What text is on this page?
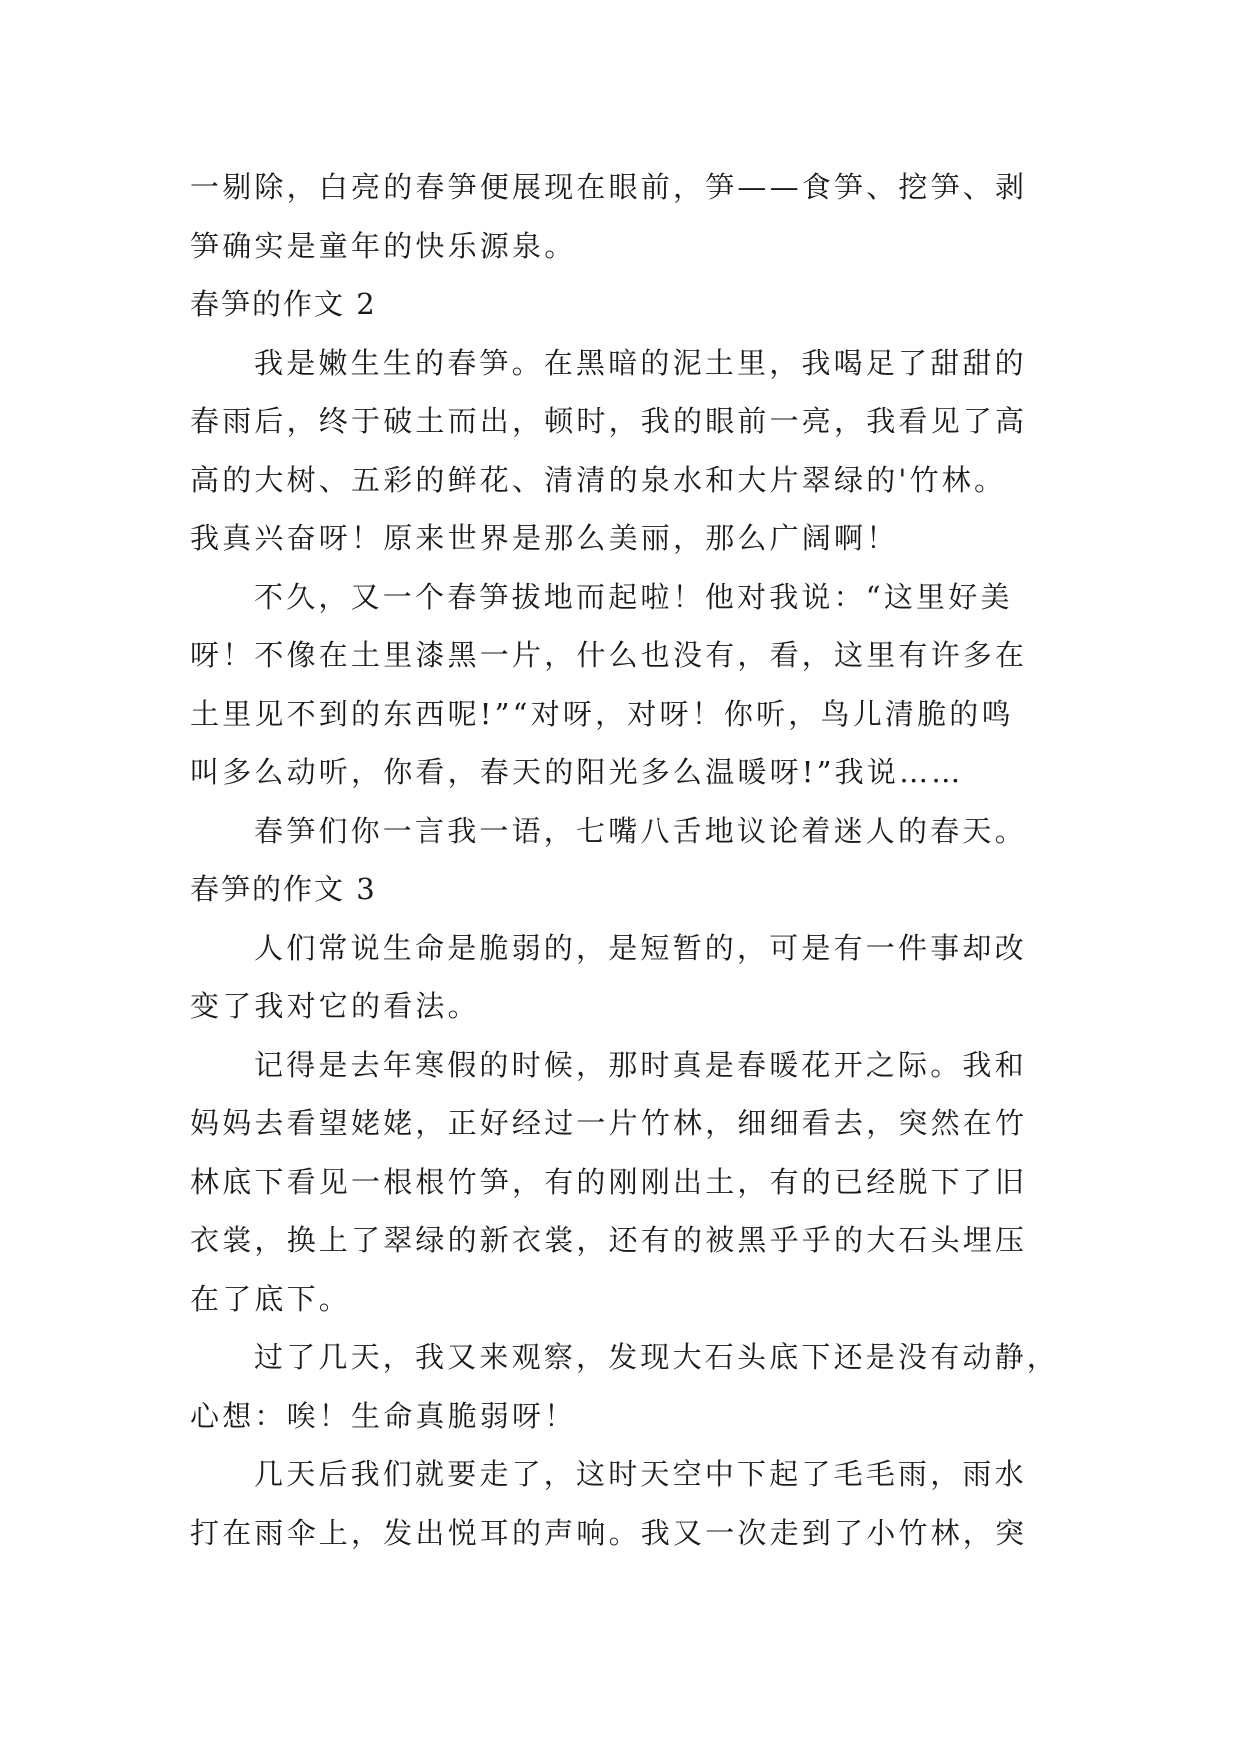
一剔除，白亮的春笋便展现在眼前，笋——食笋、挖笋、剥
笋确实是童年的快乐源泉。
春笋的作文 2
我是嫩生生的春笋。在黑暗的泥土里，我喝足了甜甜的
春雨后，终于破土而出，顿时，我的眼前一亮，我看见了高
高的大树、五彩的鲜花、清清的泉水和大片翠绿的'竹林。
我真兴奋呀！原来世界是那么美丽，那么广阔啊！
不久，又一个春笋拔地而起啦！他对我说：“这里好美
呀！不像在土里漆黑一片，什么也没有，看，这里有许多在
土里见不到的东西呢!”“对呀，对呀！你听，鸟儿清脆的鸣
叫多么动听，你看，春天的阳光多么温暖呀!”我说……
春笋们你一言我一语，七嘴八舌地议论着迷人的春天。
春笋的作文 3
人们常说生命是脆弱的，是短暂的，可是有一件事却改
变了我对它的看法。
记得是去年寒假的时候，那时真是春暖花开之际。我和
妈妈去看望姥姥，正好经过一片竹林，细细看去，突然在竹
林底下看见一根根竹笋，有的刚刚出土，有的已经脱下了旧
衣裳，换上了翠绿的新衣裳，还有的被黑乎乎的大石头埋压
在了底下。
过了几天，我又来观察，发现大石头底下还是没有动静，
心想：唉！生命真脆弱呀！
几天后我们就要走了，这时天空中下起了毛毛雨，雨水
打在雨伞上，发出悦耳的声响。我又一次走到了小竹林，突
